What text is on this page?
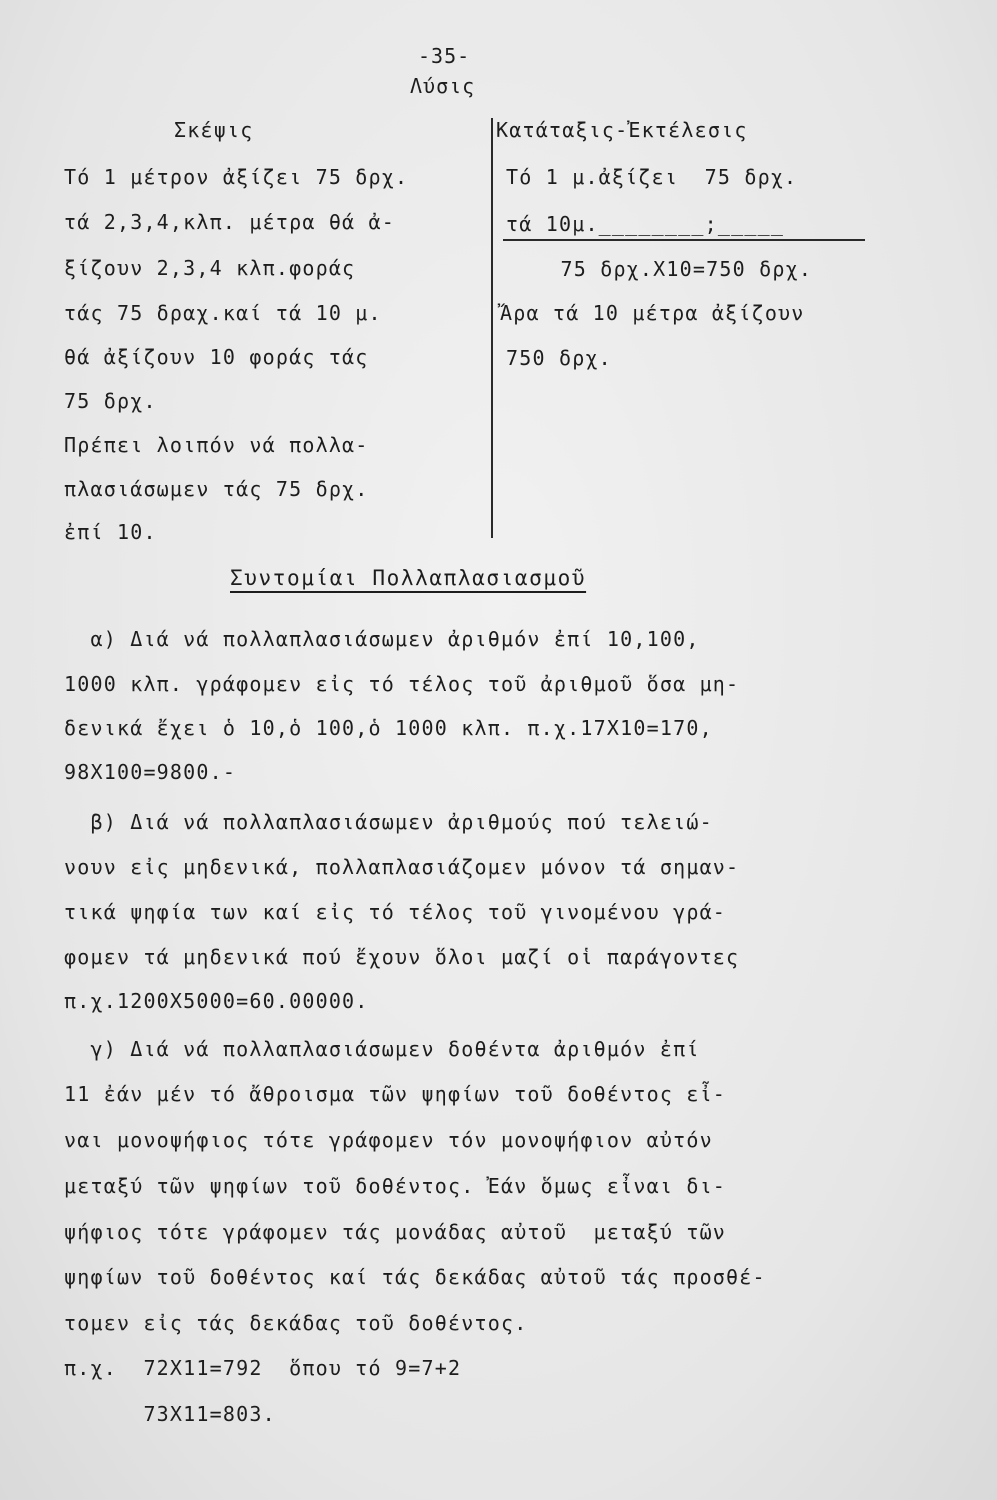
-35-
Λύσις
Σκέψις
Τό 1 μέτρον ἀξίζει 75 δρχ.
τά 2,3,4,κλπ. μέτρα θά ἀ-
ξίζουν 2,3,4 κλπ.φοράς
τάς 75 δραχ.καί τά 10 μ.
θά ἀξίζουν 10 φοράς τάς
75 δρχ.
Πρέπει λοιπόν νά πολλα-
πλασιάσωμεν τάς 75 δρχ.
ἐπί 10.
Κατάταξις-Ἐκτέλεσις
Τό 1 μ.ἀξίζει  75 δρχ.
τά 10μ.________;_____
75 δρχ.Χ10=750 δρχ.
Ἄρα τά 10 μέτρα ἀξίζουν
750 δρχ.
Συντομίαι Πολλαπλασιασμοῦ
α) Διά νά πολλαπλασιάσωμεν ἀριθμόν ἐπί 10,100,
1000 κλπ. γράφομεν εἰς τό τέλος τοῦ ἀριθμοῦ ὅσα μη-
δενικά ἔχει ὁ 10,ὁ 100,ὁ 1000 κλπ. π.χ.17Χ10=170,
98Χ100=9800.-
β) Διά νά πολλαπλασιάσωμεν ἀριθμούς πού τελειώ-
νουν εἰς μηδενικά, πολλαπλασιάζομεν μόνον τά σημαν-
τικά ψηφία των καί εἰς τό τέλος τοῦ γινομένου γρά-
φομεν τά μηδενικά πού ἔχουν ὅλοι μαζί οἱ παράγοντες
π.χ.1200Χ5000=60.00000.
γ) Διά νά πολλαπλασιάσωμεν δοθέντα ἀριθμόν ἐπί
11 ἐάν μέν τό ἄθροισμα τῶν ψηφίων τοῦ δοθέντος εἶ-
ναι μονοψήφιος τότε γράφομεν τόν μονοψήφιον αὐτόν
μεταξύ τῶν ψηφίων τοῦ δοθέντος. Ἐάν ὅμως εἶναι δι-
ψήφιος τότε γράφομεν τάς μονάδας αὐτοῦ  μεταξύ τῶν
ψηφίων τοῦ δοθέντος καί τάς δεκάδας αὐτοῦ τάς προσθέ-
τομεν εἰς τάς δεκάδας τοῦ δοθέντος.
π.χ.  72Χ11=792  ὅπου τό 9=7+2
73Χ11=803.
